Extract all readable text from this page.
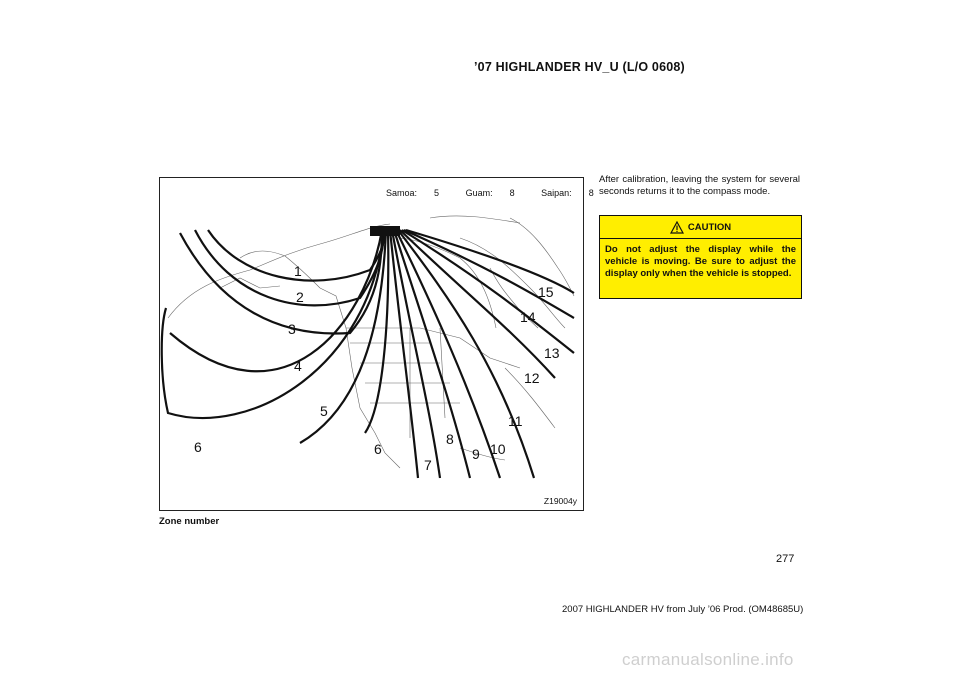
’07 HIGHLANDER HV_U (L/O 0608)
1
2
3
4
5
6	6
7
8
9 10
11
12
13
14
15
Samoa: 5	Guam: 8	Saipan: 8
Z19004y
Zone number
After calibration, leaving the system for several seconds returns it to the compass mode.
CAUTION
Do not adjust the display while the vehicle is moving. Be sure to adjust the display only when the vehicle is stopped.
277
2007 HIGHLANDER HV from July ’06 Prod. (OM48685U)
carmanualsonline.info
